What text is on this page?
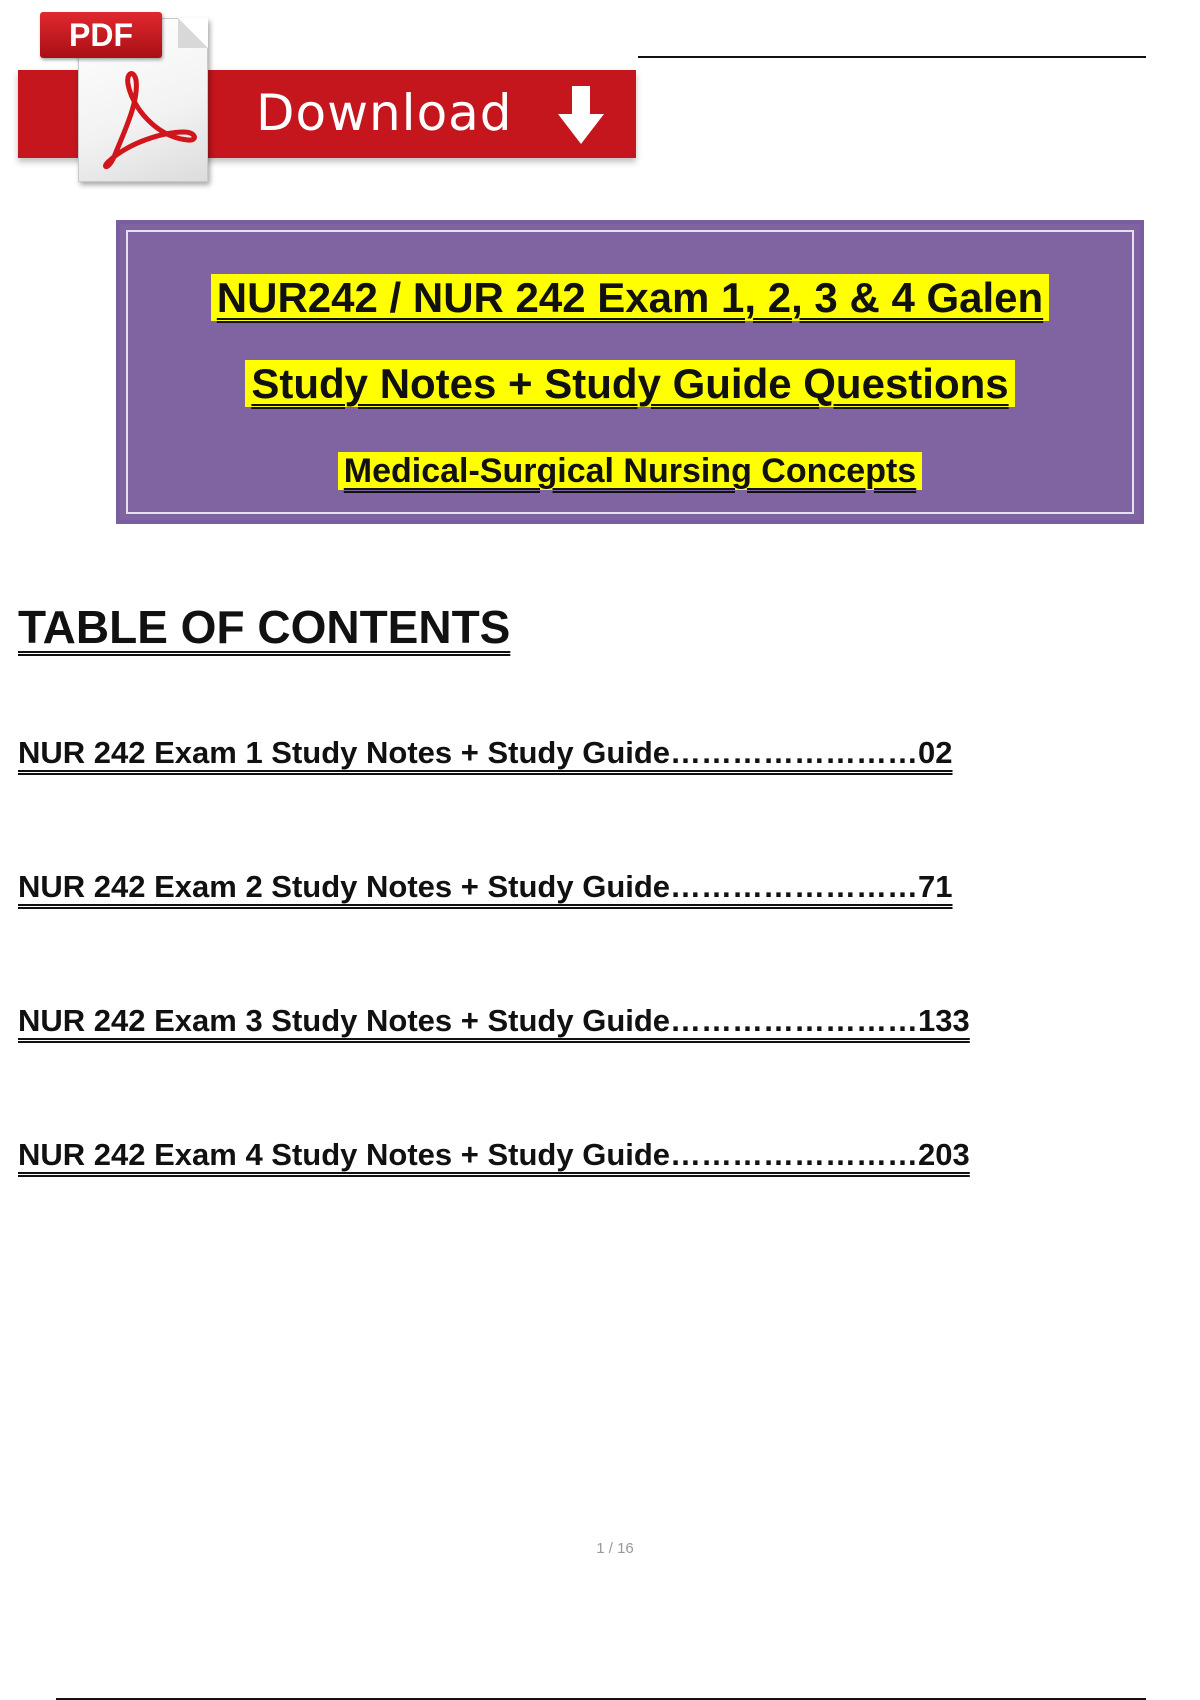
Download
PDF
NUR242 / NUR 242 Exam 1, 2, 3 & 4 Galen
Study Notes + Study Guide Questions
Medical-Surgical Nursing Concepts
TABLE OF CONTENTS
NUR 242 Exam 1 Study Notes + Study Guide……………………02
NUR 242 Exam 2 Study Notes + Study Guide……………………71
NUR 242 Exam 3 Study Notes + Study Guide……………………133
NUR 242 Exam 4 Study Notes + Study Guide……………………203
1 / 16
